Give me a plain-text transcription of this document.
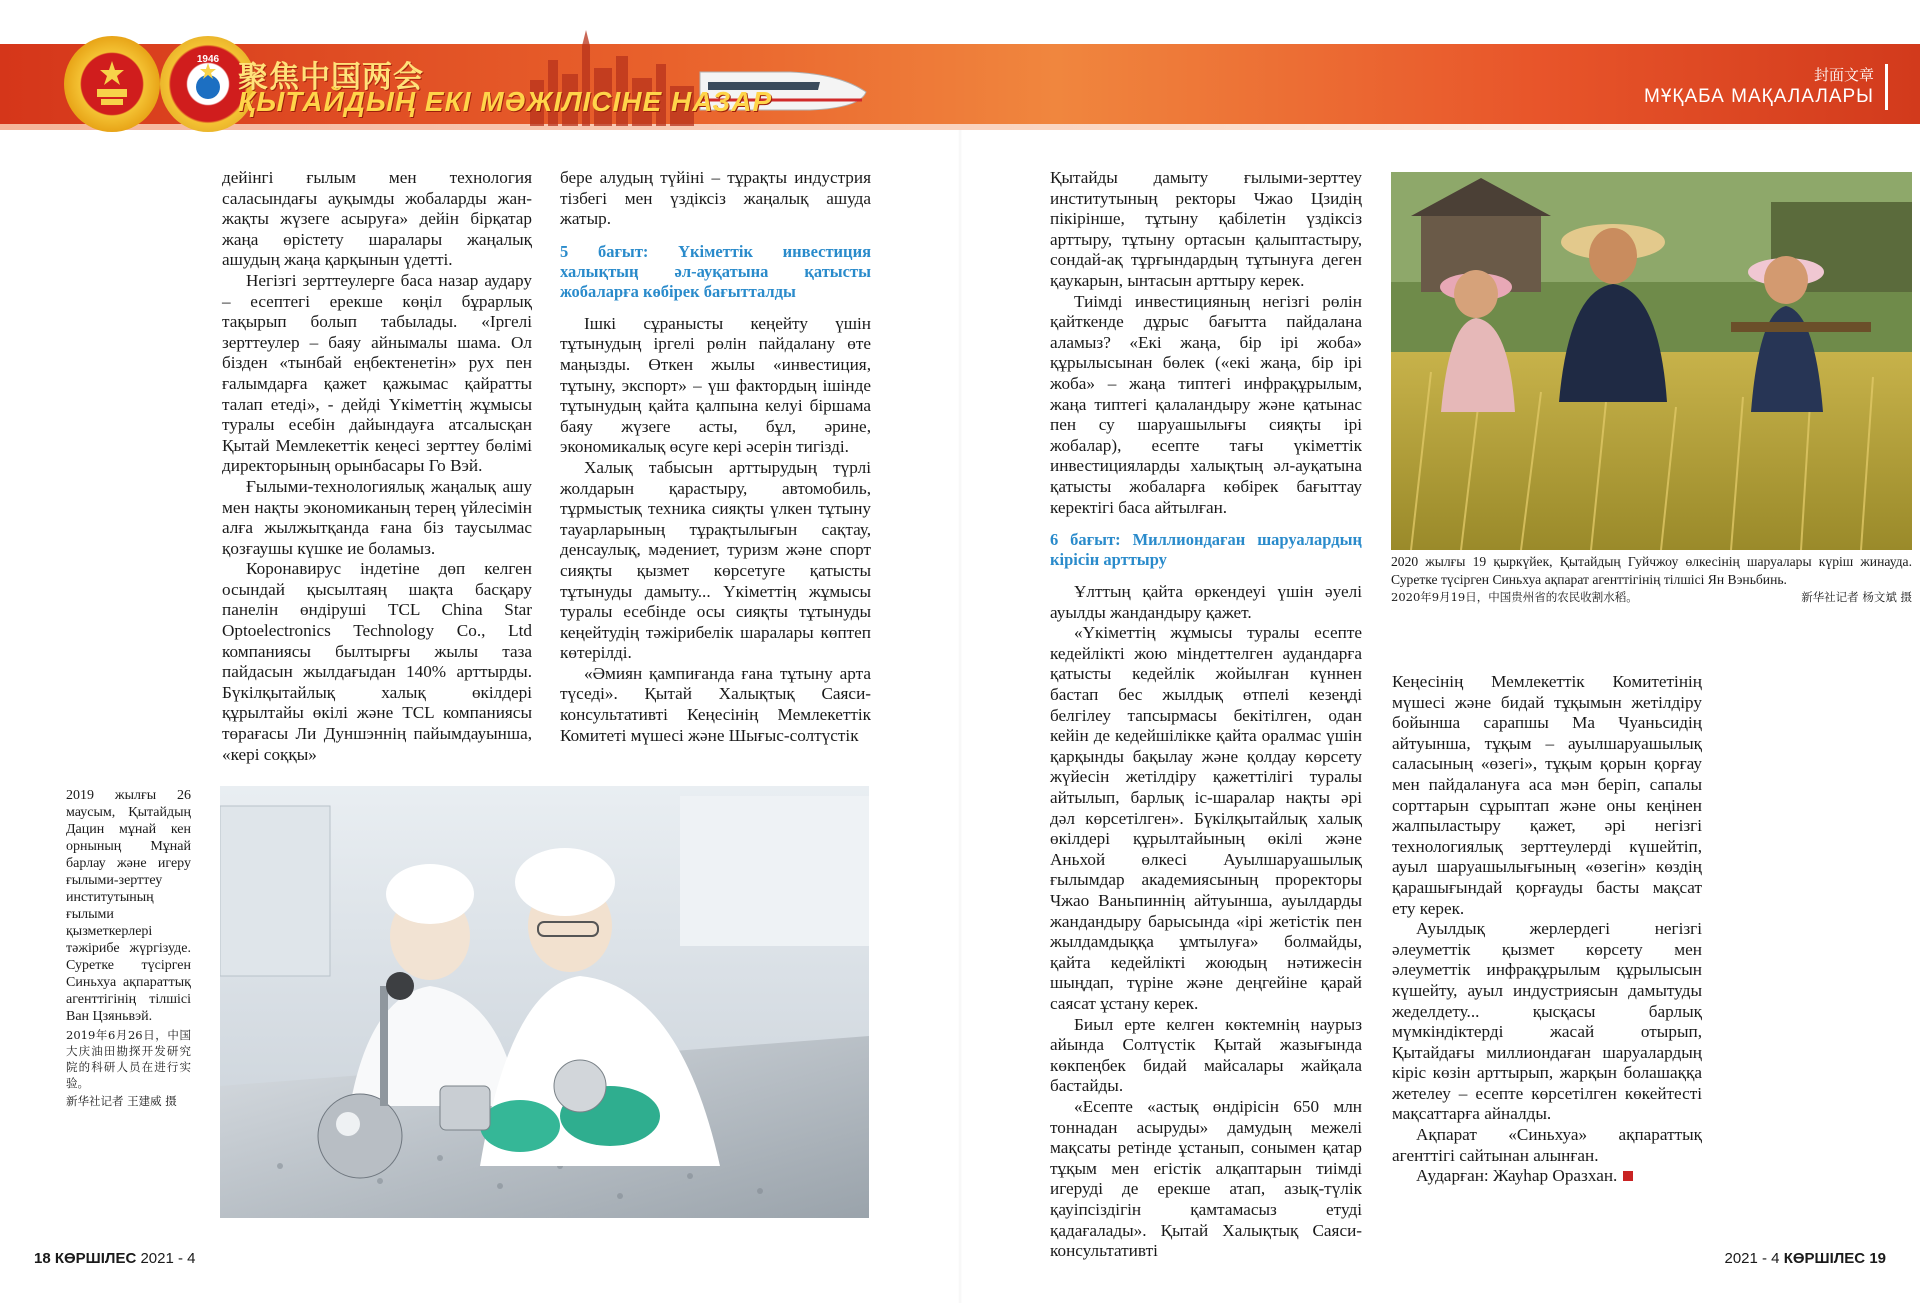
1946
聚焦中国两会
ҚЫТАЙДЫҢ ЕКІ МӘЖІЛІСІНЕ НАЗАР
封面文章
МҰҚАБА МАҚАЛАЛАРЫ

дейінгі ғылым мен технология саласындағы ауқымды жобаларды жан-жақты жүзеге асыруға» дейін бірқатар жаңа өрістету шаралары жаңалық ашудың жаңа қарқынын үдетті.

Негізгі зерттеулерге баса назар аудару – есептегі ерекше көңіл бұрарлық тақырып болып табылады. «Іргелі зерттеулер – баяу айнымалы шама. Ол бізден «тынбай еңбектенетін» рух пен ғалымдарға қажет қажымас қайратты талап етеді», - дейді Үкіметтің жұмысы туралы есебін дайындауға атсалысқан Қытай Мемлекеттік кеңесі зерттеу бөлімі директорының орынбасары Го Вэй.

Ғылыми-технологиялық жаңалық ашу мен нақты экономиканың терең үйлесімін алға жылжытқанда ғана біз таусылмас қозғаушы күшке ие боламыз.

Коронавирус індетіне дөп келген осындай қысылтаяң шақта басқару панелін өндіруші TCL China Star Optoelectronics Technology Co., Ltd компаниясы былтырғы жылы таза пайдасын жылдағыдан 140% арттырды. Бүкілқытайлық халық өкілдері құрылтайы өкілі және TCL компаниясы төрағасы Ли Дуншэннің пайымдауынша, «кері соққы»

бере алудың түйіні – тұрақты индустрия тізбегі мен үздіксіз жаңалық ашуда жатыр.

5 бағыт: Үкіметтік инвестиция халықтың әл-ауқатына қатысты жобаларға көбірек бағытталды

Ішкі сұранысты кеңейту үшін тұтынудың іргелі рөлін пайдалану өте маңызды. Өткен жылы «инвестиция, тұтыну, экспорт» – үш фактордың ішінде тұтынудың қайта қалпына келуі біршама баяу жүзеге асты, бұл, әрине, экономикалық өсуге кері әсерін тигізді.

Халық табысын арттырудың түрлі жолдарын қарастыру, автомобиль, тұрмыстық техника сияқты үлкен тұтыну тауарларының тұрақтылығын сақтау, денсаулық, мәдениет, туризм және спорт сияқты қызмет көрсетуге қатысты тұтынуды дамыту... Үкіметтің жұмысы туралы есебінде осы сияқты тұтынуды кеңейтудің тәжірибелік шаралары көптеп көтерілді.

«Әмиян қампиғанда ғана тұтыну арта түседі». Қытай Халықтық Саяси-консультативті Кеңесінің Мемлекеттік Комитеті мүшесі және Шығыс-солтүстік

Қытайды дамыту ғылыми-зерттеу институтының ректоры Чжао Цзидің пікірінше, тұтыну қабілетін үздіксіз арттыру, тұтыну ортасын қалыптастыру, сондай-ақ тұрғындардың тұтынуға деген қаукарын, ынтасын арттыру керек.

Тиімді инвестицияның негізгі рөлін қайткенде дұрыс бағытта пайдалана аламыз? «Екі жаңа, бір ірі жоба» құрылысынан бөлек («екі жаңа, бір ірі жоба» – жаңа типтегі инфрақұрылым, жаңа типтегі қалаландыру және қатынас пен су шаруашылығы сияқты ірі жобалар), есепте тағы үкіметтік инвестицияларды халықтың әл-ауқатына қатысты жобаларға көбірек бағыттау керектігі баса айтылған.

6 бағыт: Миллиондаған шаруалардың кірісін арттыру

Ұлттың қайта өркендеуі үшін әуелі ауылды жандандыру қажет.

«Үкіметтің жұмысы туралы есепте кедейлікті жою міндеттелген аудандарға қатысты кедейлік жойылған күннен бастап бес жылдық өтпелі кезеңді белгілеу тапсырмасы бекітілген, одан кейін де кедейшілікке қайта оралмас үшін қарқынды бақылау және қолдау көрсету жүйесін жетілдіру қажеттілігі туралы айтылып, барлық іс-шаралар нақты әрі дәл көрсетілген». Бүкілқытайлық халық өкілдері құрылтайының өкілі және Аньхой өлкесі Ауылшаруашылық ғылымдар академиясының проректоры Чжао Ваньпиннің айтуынша, ауылдарды жандандыру барысында «ірі жетістік пен жылдамдыққа ұмтылуға» болмайды, қайта кедейлікті жоюдың нәтижесін шыңдап, түріне және деңгейіне қарай саясат ұстану керек.

Биыл ерте келген көктемнің наурыз айында Солтүстік Қытай жазығында көкпеңбек бидай майсалары жайқала бастайды.

«Есепте «астық өндірісін 650 млн тоннадан асыруды» дамудың межелі мақсаты ретінде ұстанып, сонымен қатар тұқым мен егістік алқаптарын тиімді игеруді де ерекше атап, азық-түлік қауіпсіздігін қамтамасыз етуді қадағалады». Қытай Халықтық Саяси-консультативті

Кеңесінің Мемлекеттік Комитетінің мүшесі және бидай тұқымын жетілдіру бойынша сарапшы Ма Чуаньсидің айтуынша, тұқым – ауылшаруашылық саласының «өзегі», тұқым қорын қорғау мен пайдалануға аса мән беріп, сапалы сорттарын сұрыптап және оны кеңінен жалпыластыру қажет, әрі негізгі технологиялық зерттеулерді күшейтіп, ауыл шаруашылығының «өзегін» көздің қарашығындай қорғауды басты мақсат ету керек.

Ауылдық жерлердегі негізгі әлеуметтік қызмет көрсету мен әлеуметтік инфрақұрылым құрылысын күшейту, ауыл индустриясын дамытуды жеделдету... қысқасы барлық мүмкіндіктерді жасай отырып, Қытайдағы миллиондаған шаруалардың кіріс көзін арттырып, жарқын болашаққа жетелеу – есепте көрсетілген көкейтесті мақсаттарға айналды.

Ақпарат «Синьхуа» ақпараттық агенттігі сайтынан алынған.

Аударған: Жауһар Оразхан.

2019 жылғы 26 маусым, Қытайдың Дацин мұнай кен орнының Мұнай барлау және игеру ғылыми-зерттеу институтының ғылыми қызметкерлері тәжірибе жүргізуде. Суретке түсірген Синьхуа ақпараттық агенттігінің тілшісі Ван Цзяньвэй.
2019年6月26日，中国大庆油田勘探开发研究院的科研人员在进行实验。
新华社记者 王建威 摄
2020 жылғы 19 қыркүйек, Қытайдың Гуйчжоу өлкесінің шаруалары күріш жинауда. Суретке түсірген Синьхуа ақпарат агенттігінің тілшісі Ян Вэньбинь.
2020年9月19日，中国贵州省的农民收割水稻。	新华社记者 杨文斌 摄
18 КӨРШІЛЕС 2021 - 4	2021 - 4 КӨРШІЛЕС 19
